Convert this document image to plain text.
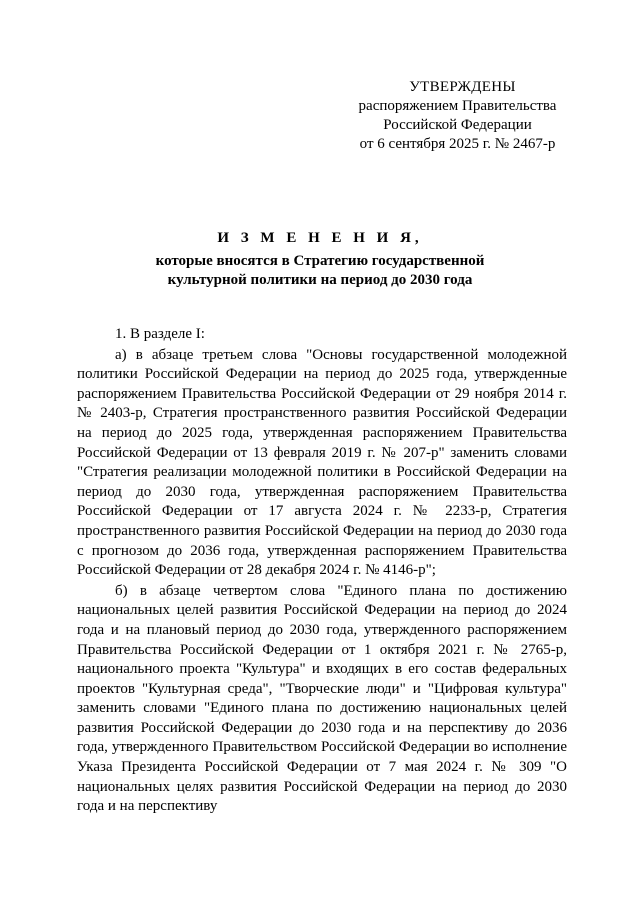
УТВЕРЖДЕНЫ
распоряжением Правительства
Российской Федерации
от 6 сентября 2025 г. № 2467-р
И З М Е Н Е Н И Я,
которые вносятся в Стратегию государственной
культурной политики на период до 2030 года
1. В разделе I:

а) в абзаце третьем слова "Основы государственной молодежной политики Российской Федерации на период до 2025 года, утвержденные распоряжением Правительства Российской Федерации от 29 ноября 2014 г. № 2403-р, Стратегия пространственного развития Российской Федерации на период до 2025 года, утвержденная распоряжением Правительства Российской Федерации от 13 февраля 2019 г. № 207-р" заменить словами "Стратегия реализации молодежной политики в Российской Федерации на период до 2030 года, утвержденная распоряжением Правительства Российской Федерации от 17 августа 2024 г. № 2233-р, Стратегия пространственного развития Российской Федерации на период до 2030 года с прогнозом до 2036 года, утвержденная распоряжением Правительства Российской Федерации от 28 декабря 2024 г. № 4146-р";

б) в абзаце четвертом слова "Единого плана по достижению национальных целей развития Российской Федерации на период до 2024 года и на плановый период до 2030 года, утвержденного распоряжением Правительства Российской Федерации от 1 октября 2021 г. № 2765-р, национального проекта "Культура" и входящих в его состав федеральных проектов "Культурная среда", "Творческие люди" и "Цифровая культура" заменить словами "Единого плана по достижению национальных целей развития Российской Федерации до 2030 года и на перспективу до 2036 года, утвержденного Правительством Российской Федерации во исполнение Указа Президента Российской Федерации от 7 мая 2024 г. № 309 "О национальных целях развития Российской Федерации на период до 2030 года и на перспективу
